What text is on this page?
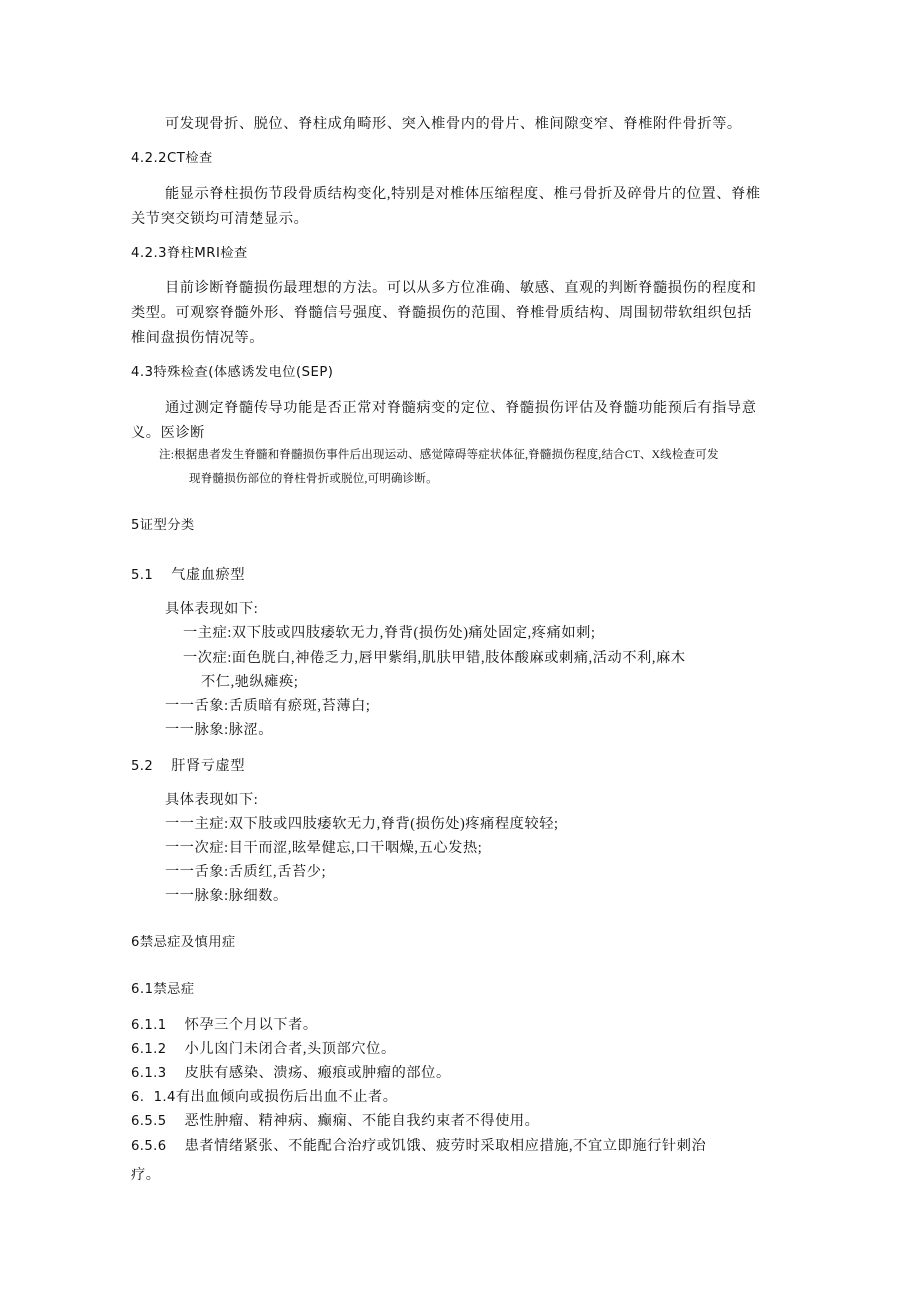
可发现骨折、脱位、脊柱成角畸形、突入椎骨内的骨片、椎间隙变窄、脊椎附件骨折等。
4.2.2CT检查
能显示脊柱损伤节段骨质结构变化,特别是对椎体压缩程度、椎弓骨折及碎骨片的位置、脊椎
关节突交锁均可清楚显示。
4.2.3脊柱MRI检查
目前诊断脊髓损伤最理想的方法。可以从多方位准确、敏感、直观的判断脊髓损伤的程度和
类型。可观察脊髓外形、脊髓信号强度、脊髓损伤的范围、脊椎骨质结构、周围韧带软组织包括
椎间盘损伤情况等。
4.3特殊检查(体感诱发电位(SEP)
通过测定脊髓传导功能是否正常对脊髓病变的定位、脊髓损伤评估及脊髓功能预后有指导意
义。医诊断
注:根据患者发生脊髓和脊髓损伤事件后出现运动、感觉障碍等症状体征,脊髓损伤程度,结合CT、X线检查可发
现脊髓损伤部位的脊柱骨折或脱位,可明确诊断。
5证型分类
5.1 气虚血瘀型
具体表现如下:
一主症:双下肢或四肢痿软无力,脊背(损伤处)痛处固定,疼痛如刺;
一次症:面色胱白,神倦乏力,唇甲紫绢,肌肤甲错,肢体酸麻或刺痛,活动不利,麻木
不仁,驰纵瘫痪;
一一舌象:舌质暗有瘀斑,苔薄白;
一一脉象:脉涩。
5.2 肝肾亏虚型
具体表现如下:
一一主症:双下肢或四肢痿软无力,脊背(损伤处)疼痛程度较轻;
一一次症:目干而涩,眩晕健忘,口干咽燥,五心发热;
一一舌象:舌质红,舌苔少;
一一脉象:脉细数。
6禁忌症及慎用症
6.1禁忌症
6.1.1 怀孕三个月以下者。
6.1.2 小儿囟门未闭合者,头顶部穴位。
6.1.3 皮肤有感染、溃疡、瘢痕或肿瘤的部位。
6.  1.4有出血倾向或损伤后出血不止者。
6.5.5 恶性肿瘤、精神病、癫痫、不能自我约束者不得使用。
6.5.6 患者情绪紧张、不能配合治疗或饥饿、疲劳时采取相应措施,不宜立即施行针刺治
疗。
